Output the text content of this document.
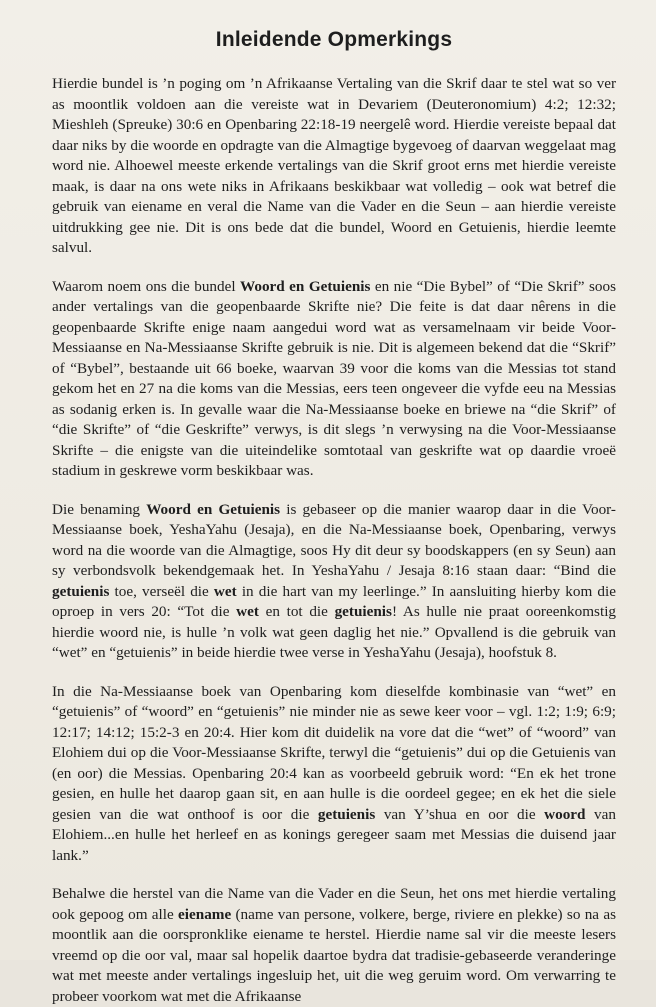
Inleidende Opmerkings

Hierdie bundel is ’n poging om ’n Afrikaanse Vertaling van die Skrif daar te stel wat so ver as moontlik voldoen aan die vereiste wat in Devariem (Deuteronomium) 4:2; 12:32; Mieshleh (Spreuke) 30:6 en Openbaring 22:18-19 neergelê word. Hierdie vereiste bepaal dat daar niks by die woorde en opdragte van die Almagtige bygevoeg of daarvan weggelaat mag word nie. Alhoewel meeste erkende vertalings van die Skrif groot erns met hierdie vereiste maak, is daar na ons wete niks in Afrikaans beskikbaar wat volledig – ook wat betref die gebruik van eiename en veral die Name van die Vader en die Seun – aan hierdie vereiste uitdrukking gee nie. Dit is ons bede dat die bundel, Woord en Getuienis, hierdie leemte salvul.

Waarom noem ons die bundel Woord en Getuienis en nie “Die Bybel” of “Die Skrif” soos ander vertalings van die geopenbaarde Skrifte nie? Die feite is dat daar nêrens in die geopenbaarde Skrifte enige naam aangedui word wat as versamelnaam vir beide Voor-Messiaanse en Na-Messiaanse Skrifte gebruik is nie. Dit is algemeen bekend dat die “Skrif” of “Bybel”, bestaande uit 66 boeke, waarvan 39 voor die koms van die Messias tot stand gekom het en 27 na die koms van die Messias, eers teen ongeveer die vyfde eeu na Messias as sodanig erken is. In gevalle waar die Na-Messiaanse boeke en briewe na “die Skrif” of “die Skrifte” of “die Geskrifte” verwys, is dit slegs ’n verwysing na die Voor-Messiaanse Skrifte – die enigste van die uiteindelike somtotaal van geskrifte wat op daardie vroeë stadium in geskrewe vorm beskikbaar was.

Die benaming Woord en Getuienis is gebaseer op die manier waarop daar in die Voor-Messiaanse boek, YeshaYahu (Jesaja), en die Na-Messiaanse boek, Openbaring, verwys word na die woorde van die Almagtige, soos Hy dit deur sy boodskappers (en sy Seun) aan sy verbondsvolk bekendgemaak het. In YeshaYahu / Jesaja 8:16 staan daar: “Bind die getuienis toe, verseël die wet in die hart van my leerlinge.” In aansluiting hierby kom die oproep in vers 20: “Tot die wet en tot die getuienis! As hulle nie praat ooreenkomstig hierdie woord nie, is hulle ’n volk wat geen daglig het nie.” Opvallend is die gebruik van “wet” en “getuienis” in beide hierdie twee verse in YeshaYahu (Jesaja), hoofstuk 8.

In die Na-Messiaanse boek van Openbaring kom dieselfde kombinasie van “wet” en “getuienis” of “woord” en “getuienis” nie minder nie as sewe keer voor – vgl. 1:2; 1:9; 6:9; 12:17; 14:12; 15:2-3 en 20:4. Hier kom dit duidelik na vore dat die “wet” of “woord” van Elohiem dui op die Voor-Messiaanse Skrifte, terwyl die “getuienis” dui op die Getuienis van (en oor) die Messias. Openbaring 20:4 kan as voorbeeld gebruik word: “En ek het trone gesien, en hulle het daarop gaan sit, en aan hulle is die oordeel gegee; en ek het die siele gesien van die wat onthoof is oor die getuienis van Y’shua en oor die woord van Elohiem...en hulle het herleef en as konings geregeer saam met Messias die duisend jaar lank.”

Behalwe die herstel van die Name van die Vader en die Seun, het ons met hierdie vertaling ook gepoog om alle eiename (name van persone, volkere, berge, riviere en plekke) so na as moontlik aan die oorspronklike eiename te herstel. Hierdie name sal vir die meeste lesers vreemd op die oor val, maar sal hopelik daartoe bydra dat tradisie-gebaseerde veranderinge wat met meeste ander vertalings ingesluip het, uit die weg geruim word. Om verwarring te probeer voorkom wat met die Afrikaanse
